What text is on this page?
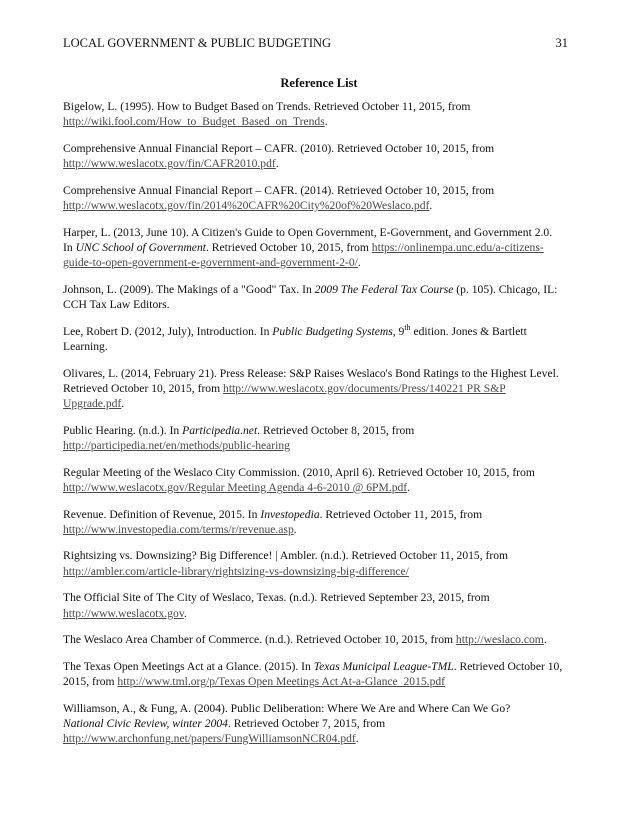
LOCAL GOVERNMENT & PUBLIC BUDGETING	31
Reference List

Bigelow, L. (1995). How to Budget Based on Trends. Retrieved October 11, 2015, from
http://wiki.fool.com/How_to_Budget_Based_on_Trends.

Comprehensive Annual Financial Report – CAFR. (2010). Retrieved October 10, 2015, from
http://www.weslacotx.gov/fin/CAFR2010.pdf.

Comprehensive Annual Financial Report – CAFR. (2014). Retrieved October 10, 2015, from
http://www.weslacotx.gov/fin/2014%20CAFR%20City%20of%20Weslaco.pdf.

Harper, L. (2013, June 10). A Citizen's Guide to Open Government, E-Government, and Government 2.0. In UNC School of Government. Retrieved October 10, 2015, from https://onlinempa.unc.edu/a-citizens-guide-to-open-government-e-government-and-government-2-0/.

Johnson, L. (2009). The Makings of a "Good" Tax. In 2009 The Federal Tax Course (p. 105). Chicago, IL: CCH Tax Law Editors.

Lee, Robert D. (2012, July), Introduction. In Public Budgeting Systems, 9th edition. Jones & Bartlett Learning.

Olivares, L. (2014, February 21). Press Release: S&P Raises Weslaco's Bond Ratings to the Highest Level. Retrieved October 10, 2015, from http://www.weslacotx.gov/documents/Press/140221 PR S&P Upgrade.pdf.

Public Hearing. (n.d.). In Participedia.net. Retrieved October 8, 2015, from
http://participedia.net/en/methods/public-hearing

Regular Meeting of the Weslaco City Commission. (2010, April 6). Retrieved October 10, 2015, from
http://www.weslacotx.gov/Regular Meeting Agenda 4-6-2010 @ 6PM.pdf.

Revenue. Definition of Revenue, 2015. In Investopedia. Retrieved October 11, 2015, from
http://www.investopedia.com/terms/r/revenue.asp.

Rightsizing vs. Downsizing? Big Difference! | Ambler. (n.d.). Retrieved October 11, 2015, from
http://ambler.com/article-library/rightsizing-vs-downsizing-big-difference/

The Official Site of The City of Weslaco, Texas. (n.d.). Retrieved September 23, 2015, from
http://www.weslacotx.gov.

The Weslaco Area Chamber of Commerce. (n.d.). Retrieved October 10, 2015, from http://weslaco.com.

The Texas Open Meetings Act at a Glance. (2015). In Texas Municipal League-TML. Retrieved October 10, 2015, from http://www.tml.org/p/Texas Open Meetings Act At-a-Glance_2015.pdf

Williamson, A., & Fung, A. (2004). Public Deliberation: Where We Are and Where Can We Go?
National Civic Review, winter 2004. Retrieved October 7, 2015, from
http://www.archonfung.net/papers/FungWilliamsonNCR04.pdf.
